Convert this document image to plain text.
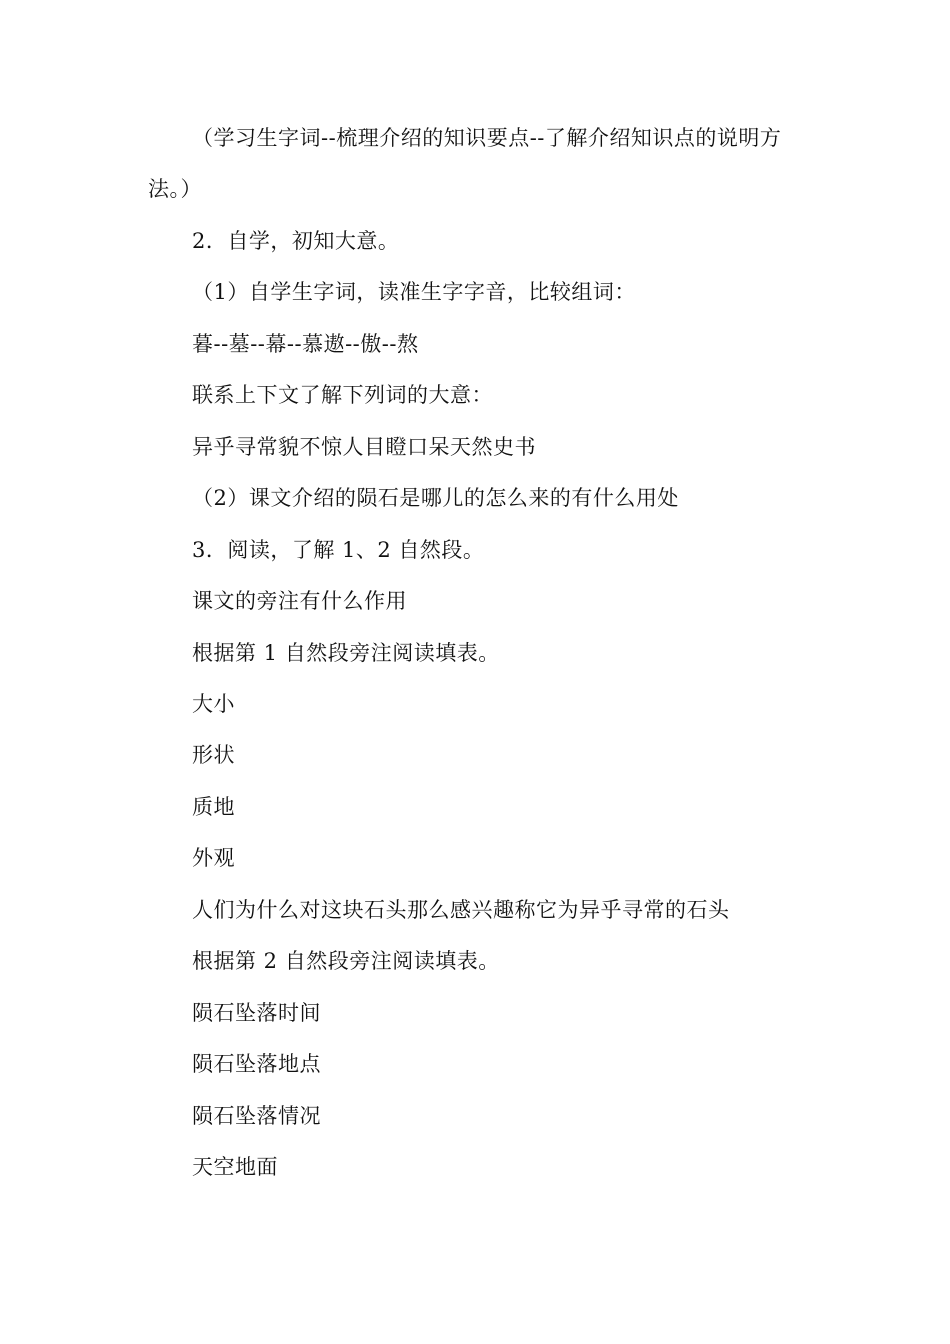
（学习生字词--梳理介绍的知识要点--了解介绍知识点的说明方
法。）
2．自学，初知大意。
（1）自学生字词，读准生字字音，比较组词：
暮--墓--幕--慕遨--傲--熬
联系上下文了解下列词的大意：
异乎寻常貌不惊人目瞪口呆天然史书
（2）课文介绍的陨石是哪儿的怎么来的有什么用处
3．阅读，了解 1、2 自然段。
课文的旁注有什么作用
根据第 1 自然段旁注阅读填表。
大小
形状
质地
外观
人们为什么对这块石头那么感兴趣称它为异乎寻常的石头
根据第 2 自然段旁注阅读填表。
陨石坠落时间
陨石坠落地点
陨石坠落情况
天空地面
